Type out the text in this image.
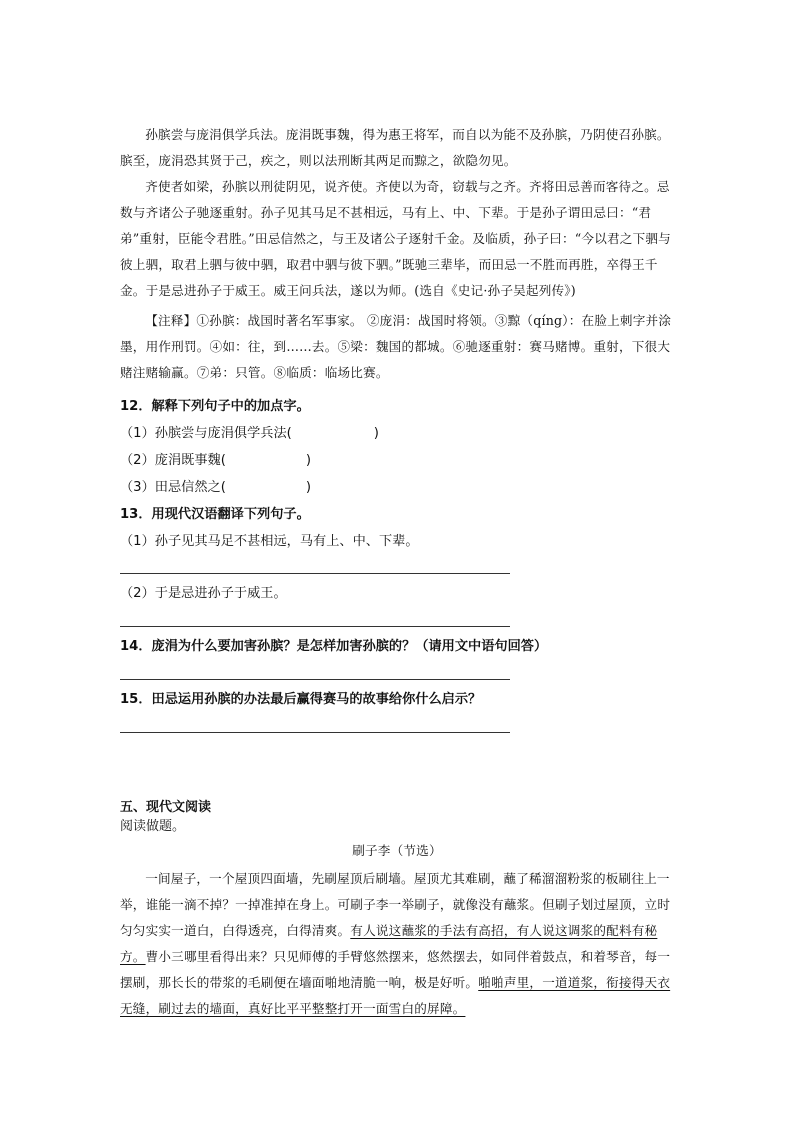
孙膑尝与庞涓俱学兵法。庞涓既事魏，得为惠王将军，而自以为能不及孙膑，乃阴使召孙膑。膑至，庞涓恐其贤于己，疾之，则以法刑断其两足而黥之，欲隐勿见。

齐使者如梁，孙膑以刑徒阴见，说齐使。齐使以为奇，窃载与之齐。齐将田忌善而客待之。忌数与齐诸公子驰逐重射。孙子见其马足不甚相远，马有上、中、下辈。于是孙子谓田忌曰：“君弟”重射，臣能令君胜。”田忌信然之，与王及诸公子逐射千金。及临质，孙子曰：“今以君之下驷与彼上驷，取君上驷与彼中驷，取君中驷与彼下驷。”既驰三辈毕，而田忌一不胜而再胜，卒得王千金。于是忌进孙子于威王。威王问兵法，遂以为师。(选自《史记·孙子吴起列传》)

【注释】①孙膑：战国时著名军事家。 ②庞涓：战国时将领。③黥（qíng）：在脸上刺字并涂墨，用作刑罚。④如：往，到……去。⑤梁：魏国的都城。⑥驰逐重射：赛马赌博。重射，下很大赌注赌输赢。⑦弟：只管。⑧临质：临场比赛。

12．解释下列句子中的加点字。
（1）孙膑尝与庞涓俱学兵法(	)
（2）庞涓既事魏(	)
（3）田忌信然之(	)
13．用现代汉语翻译下列句子。
（1）孙子见其马足不甚相远，马有上、中、下辈。
（2）于是忌进孙子于威王。
14．庞涓为什么要加害孙膑？是怎样加害孙膑的？（请用文中语句回答）
15．田忌运用孙膑的办法最后赢得赛马的故事给你什么启示？
五、现代文阅读
阅读做题。
刷子李（节选）

一间屋子，一个屋顶四面墙，先刷屋顶后刷墙。屋顶尤其难刷，蘸了稀溜溜粉浆的板刷往上一举，谁能一滴不掉？一掉准掉在身上。可刷子李一举刷子，就像没有蘸浆。但刷子划过屋顶，立时匀匀实实一道白，白得透亮，白得清爽。有人说这蘸浆的手法有高招，有人说这调浆的配料有秘方。曹小三哪里看得出来？只见师傅的手臂悠然摆来，悠然摆去，如同伴着鼓点，和着琴音，每一摆刷，那长长的带浆的毛刷便在墙面啪地清脆一响，极是好听。啪啪声里，一道道浆，衔接得天衣无缝，刷过去的墙面，真好比平平整整打开一面雪白的屏障。
